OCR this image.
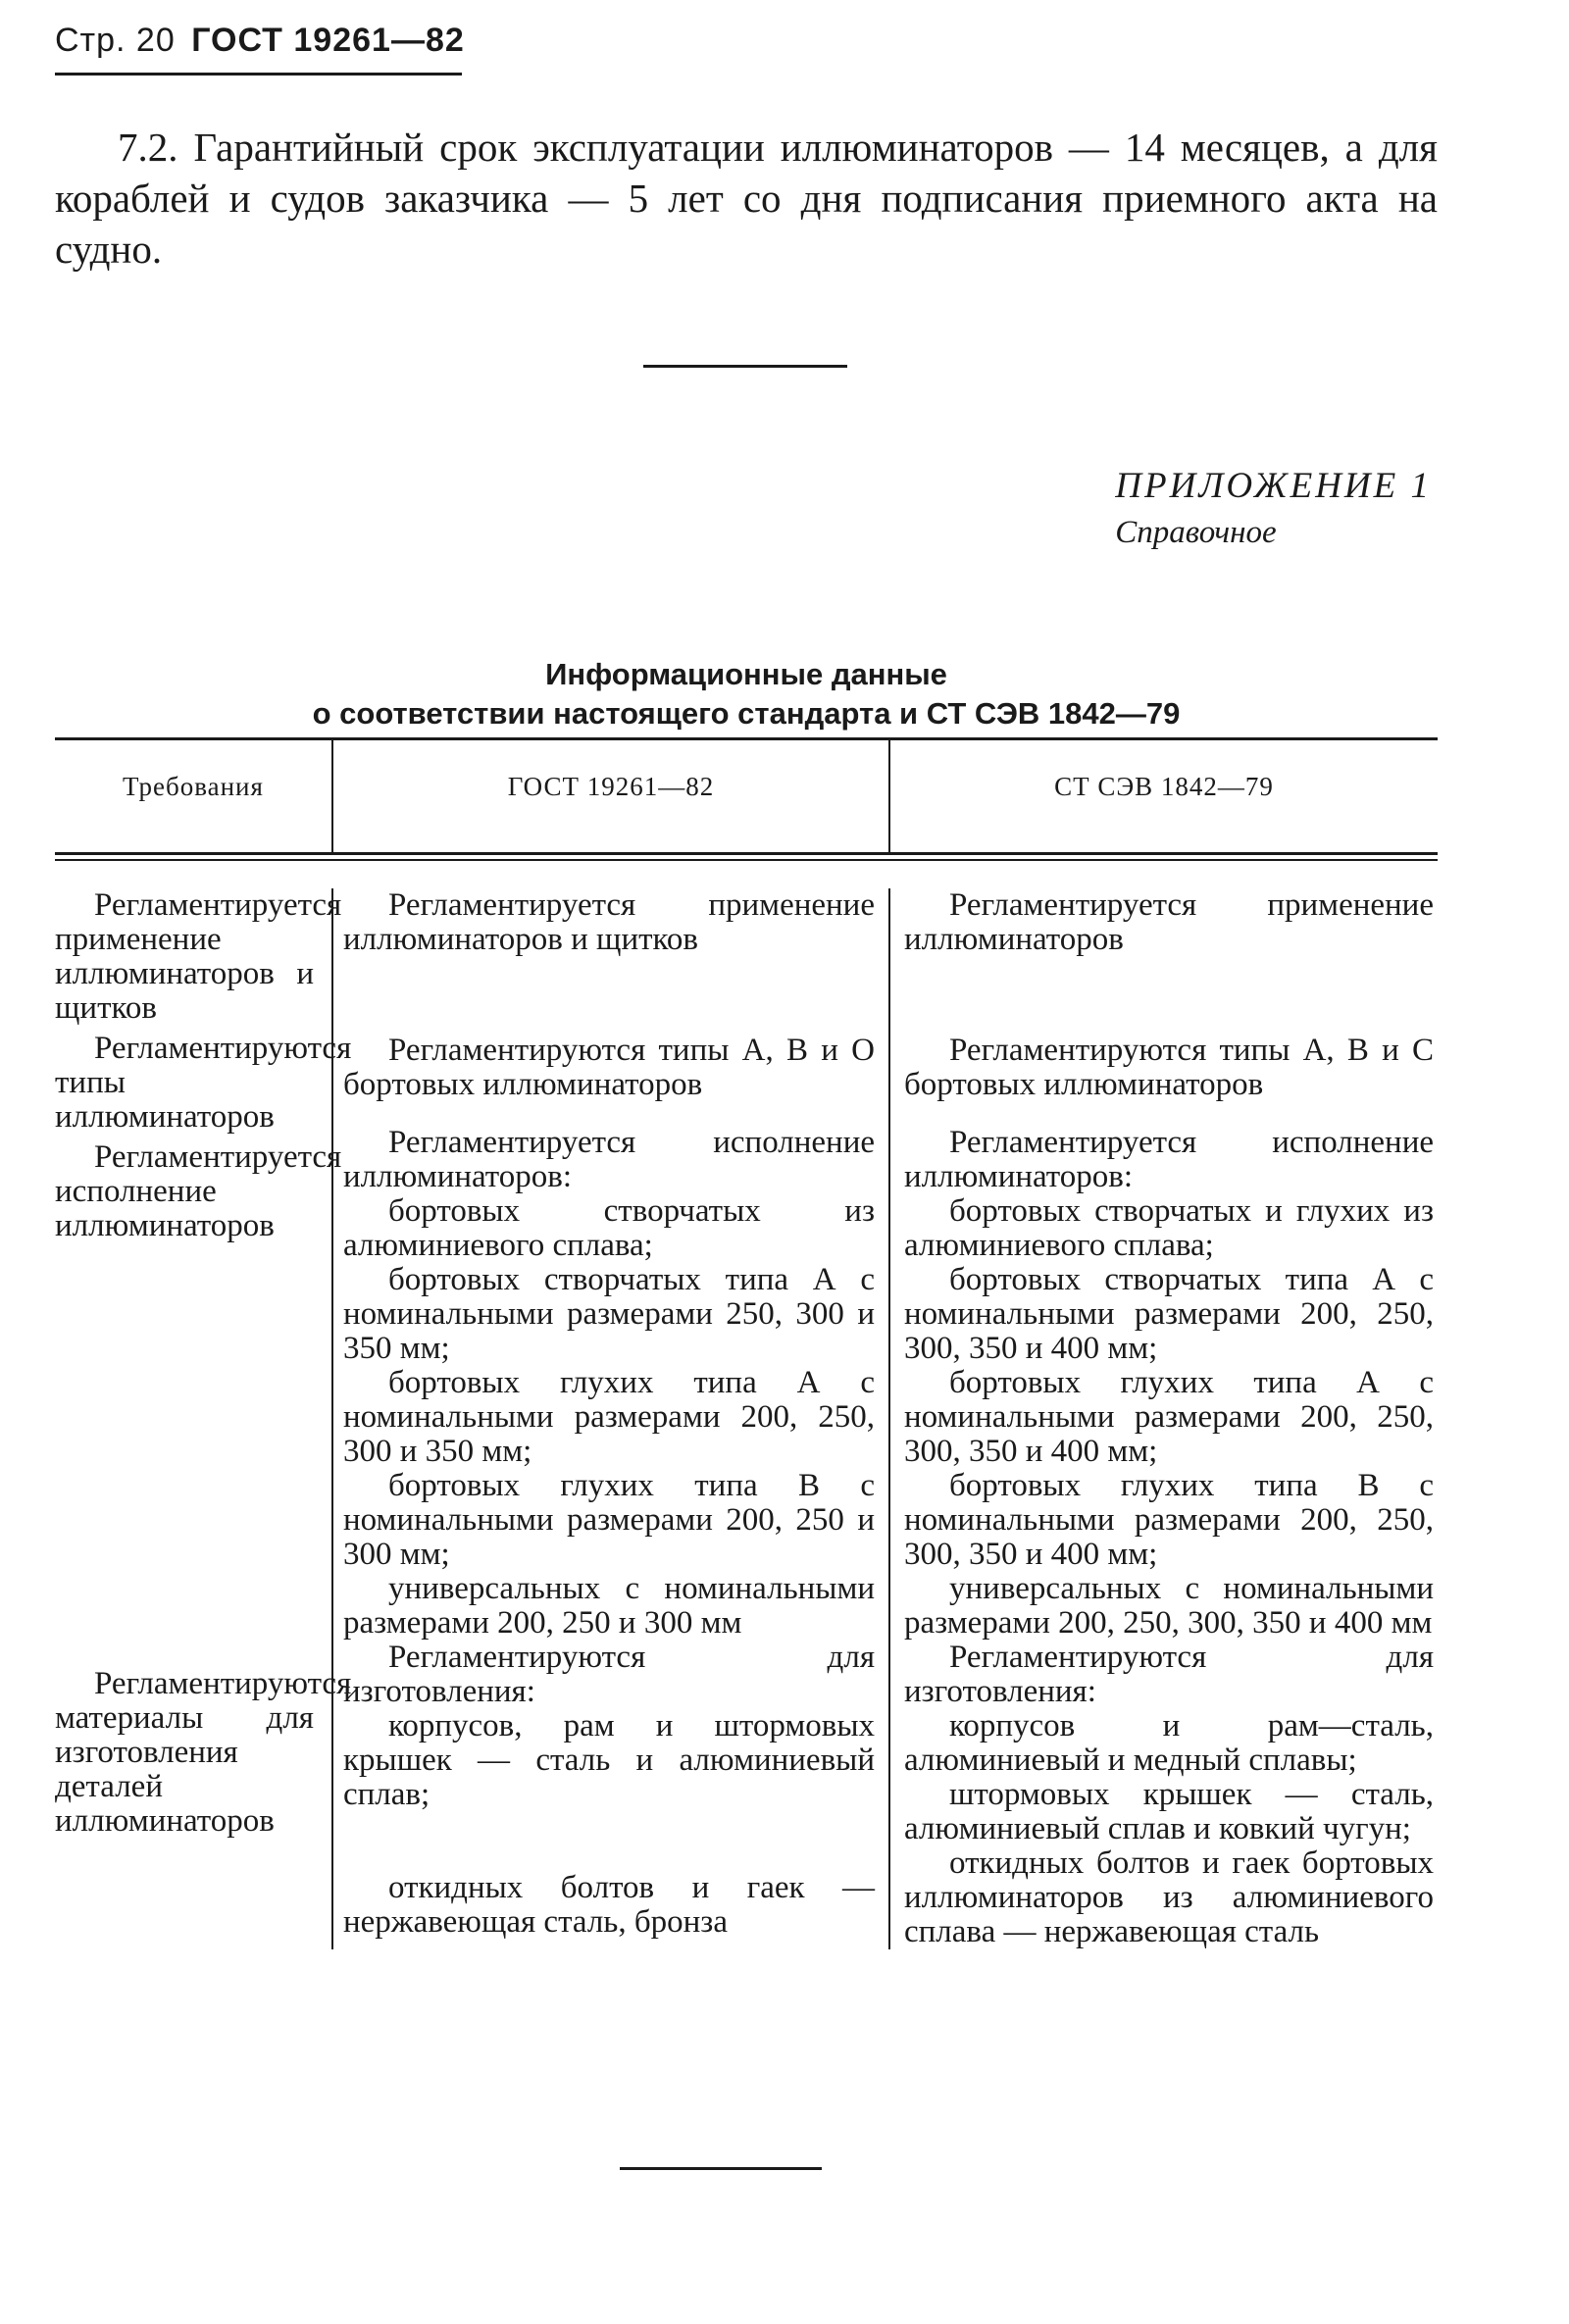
Стр. 20 ГОСТ 19261—82

7.2. Гарантийный срок эксплуатации иллюминаторов — 14 месяцев, а для кораблей и судов заказчика — 5 лет со дня подписания приемного акта на судно.

ПРИЛОЖЕНИЕ 1
Справочное
Информационные данные
о соответствии настоящего стандарта и СТ СЭВ 1842—79
Требования	ГОСТ 19261—82	СТ СЭВ 1842—79

Регламентируется применение иллюминаторов и щитков

Регламентируются типы иллюминаторов

Регламентируется исполнение иллюминаторов

Регламентируются материалы для изготовления деталей иллюминаторов

Регламентируется применение иллюминаторов и щитков

Регламентируются типы А, В и О бортовых иллюминаторов

Регламентируется исполнение иллюминаторов:

бортовых створчатых из алюминиевого сплава;

бортовых створчатых типа А с номинальными размерами 250, 300 и 350 мм;

бортовых глухих типа А с номинальными размерами 200, 250, 300 и 350 мм;

бортовых глухих типа В с номинальными размерами 200, 250 и 300 мм;

универсальных с номинальными размерами 200, 250 и 300 мм

Регламентируются для изготовления:

корпусов, рам и штормовых крышек — сталь и алюминиевый сплав;

откидных болтов и гаек — нержавеющая сталь, бронза

Регламентируется применение иллюминаторов

Регламентируются типы А, В и С бортовых иллюминаторов

Регламентируется исполнение иллюминаторов:

бортовых створчатых и глухих из алюминиевого сплава;

бортовых створчатых типа А с номинальными размерами 200, 250, 300, 350 и 400 мм;

бортовых глухих типа А с номинальными размерами 200, 250, 300, 350 и 400 мм;

бортовых глухих типа В с номинальными размерами 200, 250, 300, 350 и 400 мм;

универсальных с номинальными размерами 200, 250, 300, 350 и 400 мм

Регламентируются для изготовления:

корпусов и рам—сталь, алюминиевый и медный сплавы;

штормовых крышек — сталь, алюминиевый сплав и ковкий чугун;

откидных болтов и гаек бортовых иллюминаторов из алюминиевого сплава — нержавеющая сталь
